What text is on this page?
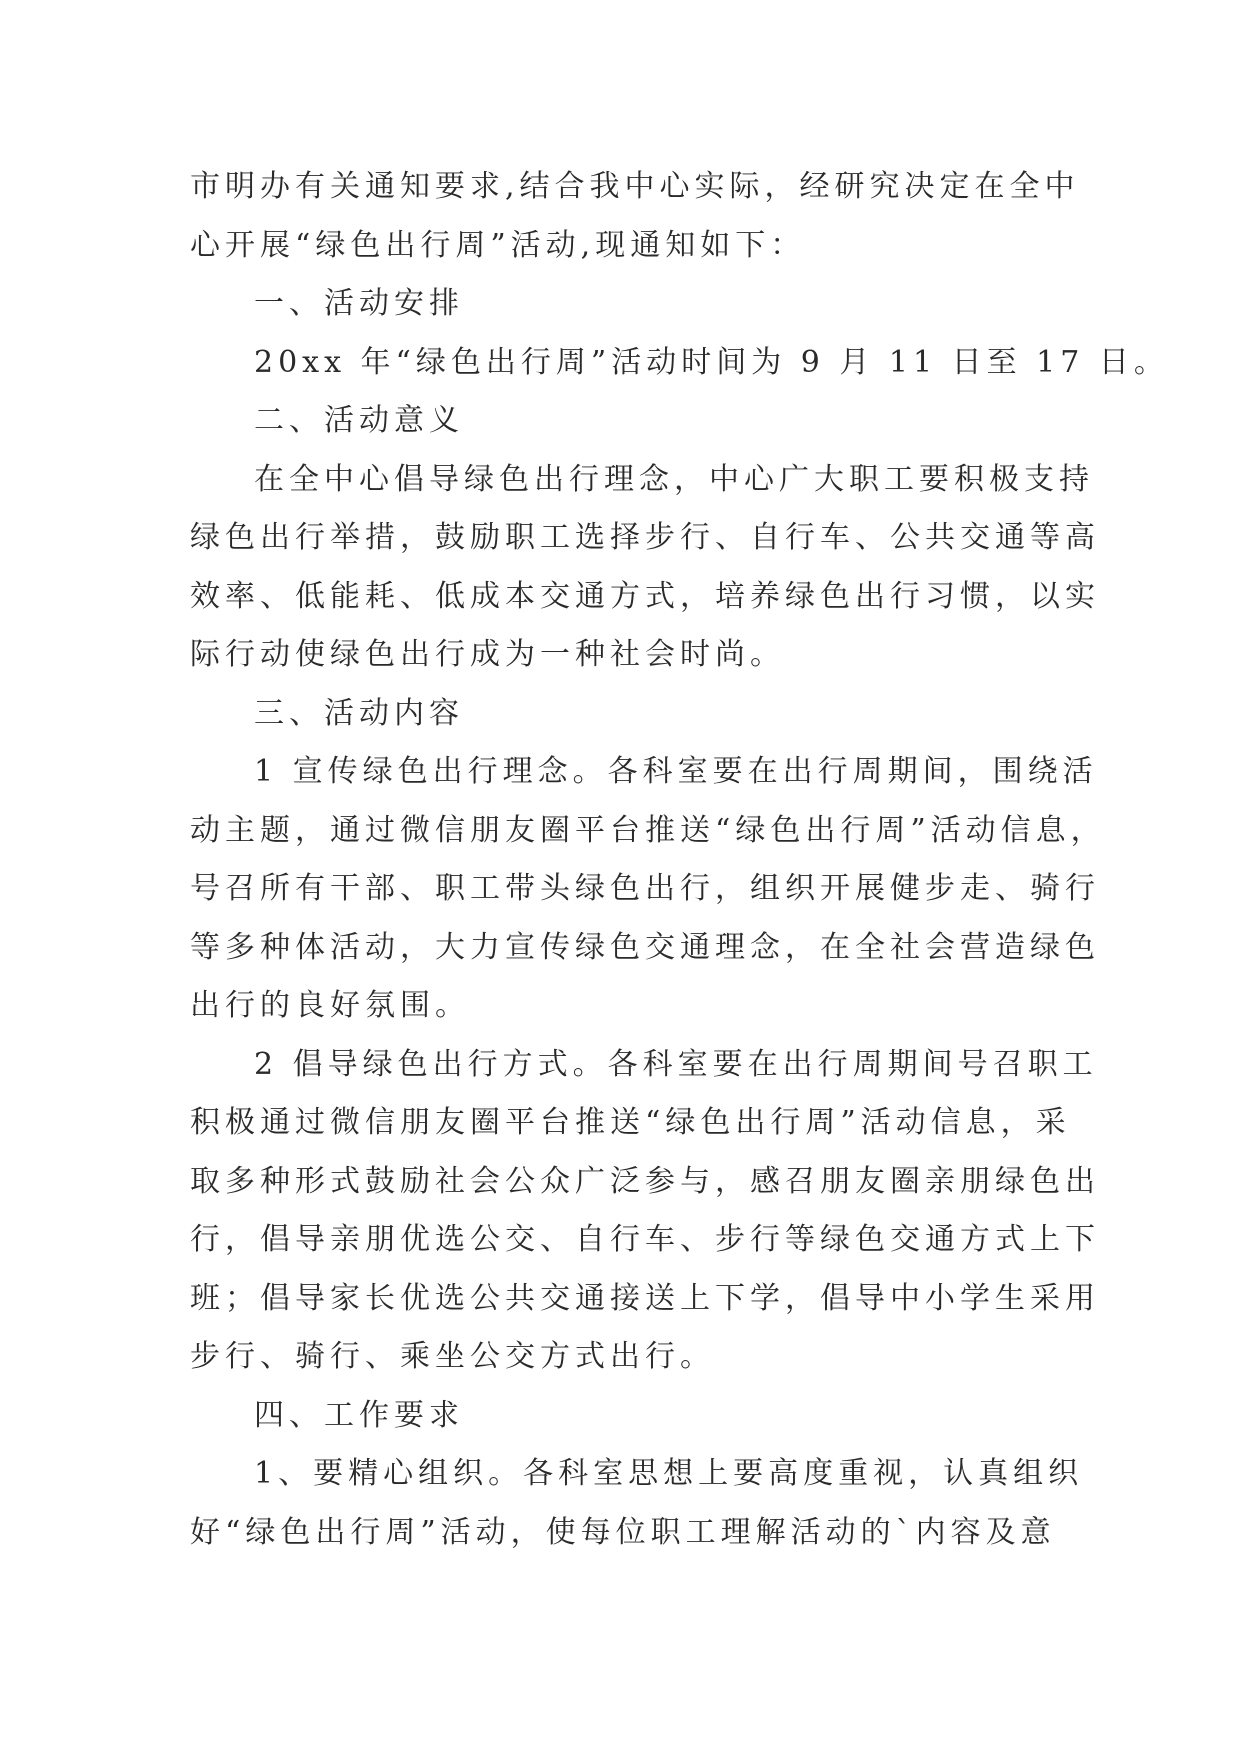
市明办有关通知要求,结合我中心实际，经研究决定在全中
心开展“绿色出行周”活动,现通知如下：
一、活动安排
20xx 年“绿色出行周”活动时间为 9 月 11 日至 17 日。
二、活动意义
在全中心倡导绿色出行理念，中心广大职工要积极支持
绿色出行举措，鼓励职工选择步行、自行车、公共交通等高
效率、低能耗、低成本交通方式，培养绿色出行习惯，以实
际行动使绿色出行成为一种社会时尚。
三、活动内容
1 宣传绿色出行理念。各科室要在出行周期间，围绕活
动主题，通过微信朋友圈平台推送“绿色出行周”活动信息，
号召所有干部、职工带头绿色出行，组织开展健步走、骑行
等多种体活动，大力宣传绿色交通理念，在全社会营造绿色
出行的良好氛围。
2 倡导绿色出行方式。各科室要在出行周期间号召职工
积极通过微信朋友圈平台推送“绿色出行周”活动信息，采
取多种形式鼓励社会公众广泛参与，感召朋友圈亲朋绿色出
行，倡导亲朋优选公交、自行车、步行等绿色交通方式上下
班；倡导家长优选公共交通接送上下学，倡导中小学生采用
步行、骑行、乘坐公交方式出行。
四、工作要求
1、要精心组织。各科室思想上要高度重视，认真组织
好“绿色出行周”活动，使每位职工理解活动的`内容及意
